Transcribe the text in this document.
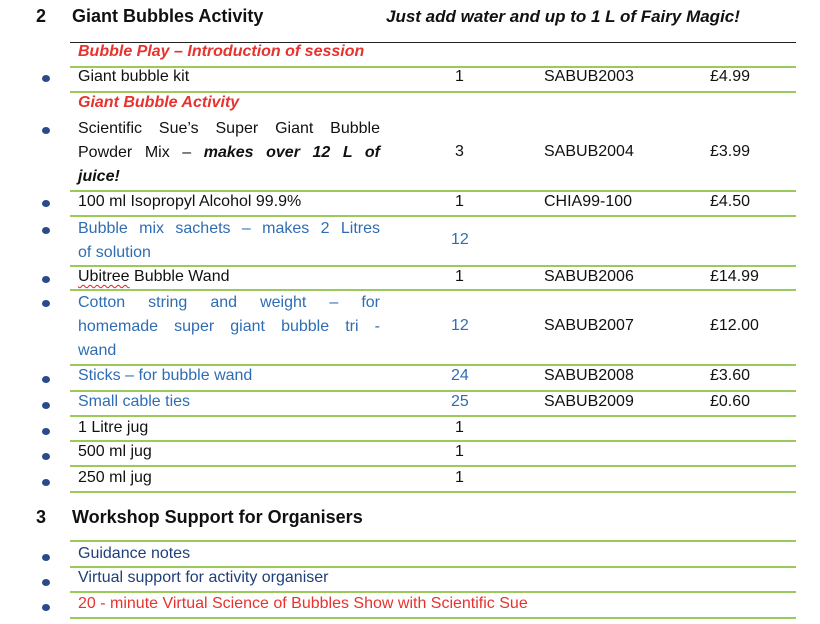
2 Giant Bubbles Activity	Just add water and up to 1 L of Fairy Magic!
Bubble Play – Introduction of session
Giant bubble kit	1	SABUB2003	£4.99
Giant Bubble Activity
Scientific Sue’s Super Giant Bubble
Powder Mix – makes over 12 L of
juice!
3	SABUB2004	£3.99
100 ml Isopropyl Alcohol 99.9%	1	CHIA99-100	£4.50
Bubble mix sachets – makes 2 Litres
of solution
12
Ubitree Bubble Wand	1	SABUB2006	£14.99
Cotton string and weight – for
homemade super giant bubble tri -
wand
12	SABUB2007	£12.00
Sticks – for bubble wand	24	SABUB2008	£3.60
Small cable ties	25	SABUB2009	£0.60
1 Litre jug	1
500 ml jug	1
250 ml jug	1
3 Workshop Support for Organisers
Guidance notes
Virtual support for activity organiser
20 - minute Virtual Science of Bubbles Show with Scientific Sue
